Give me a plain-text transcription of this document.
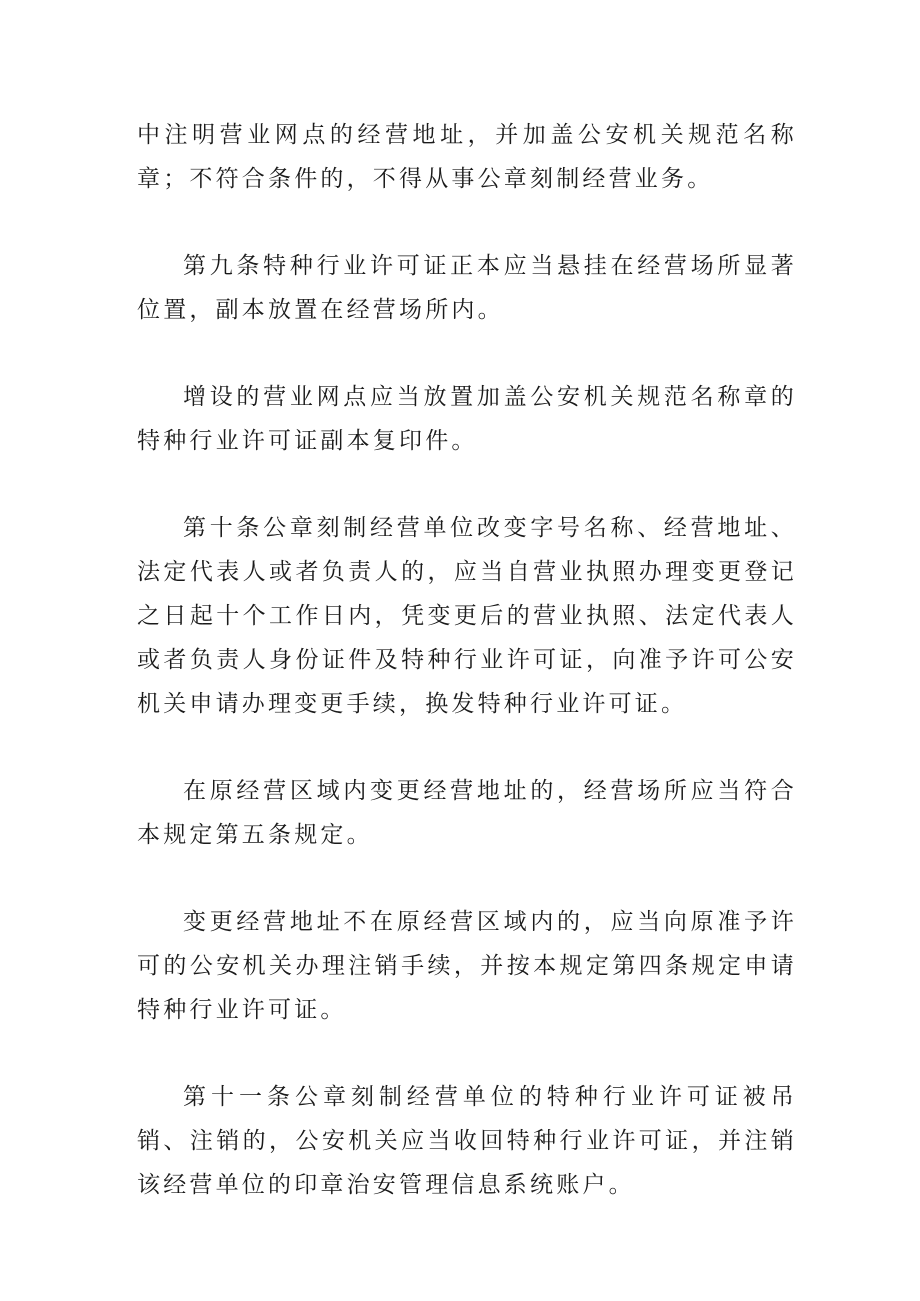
中注明营业网点的经营地址，并加盖公安机关规范名称章；不符合条件的，不得从事公章刻制经营业务。

第九条特种行业许可证正本应当悬挂在经营场所显著位置，副本放置在经营场所内。

增设的营业网点应当放置加盖公安机关规范名称章的特种行业许可证副本复印件。

第十条公章刻制经营单位改变字号名称、经营地址、法定代表人或者负责人的，应当自营业执照办理变更登记之日起十个工作日内，凭变更后的营业执照、法定代表人或者负责人身份证件及特种行业许可证，向准予许可公安机关申请办理变更手续，换发特种行业许可证。

在原经营区域内变更经营地址的，经营场所应当符合本规定第五条规定。

变更经营地址不在原经营区域内的，应当向原准予许可的公安机关办理注销手续，并按本规定第四条规定申请特种行业许可证。

第十一条公章刻制经营单位的特种行业许可证被吊销、注销的，公安机关应当收回特种行业许可证，并注销该经营单位的印章治安管理信息系统账户。
